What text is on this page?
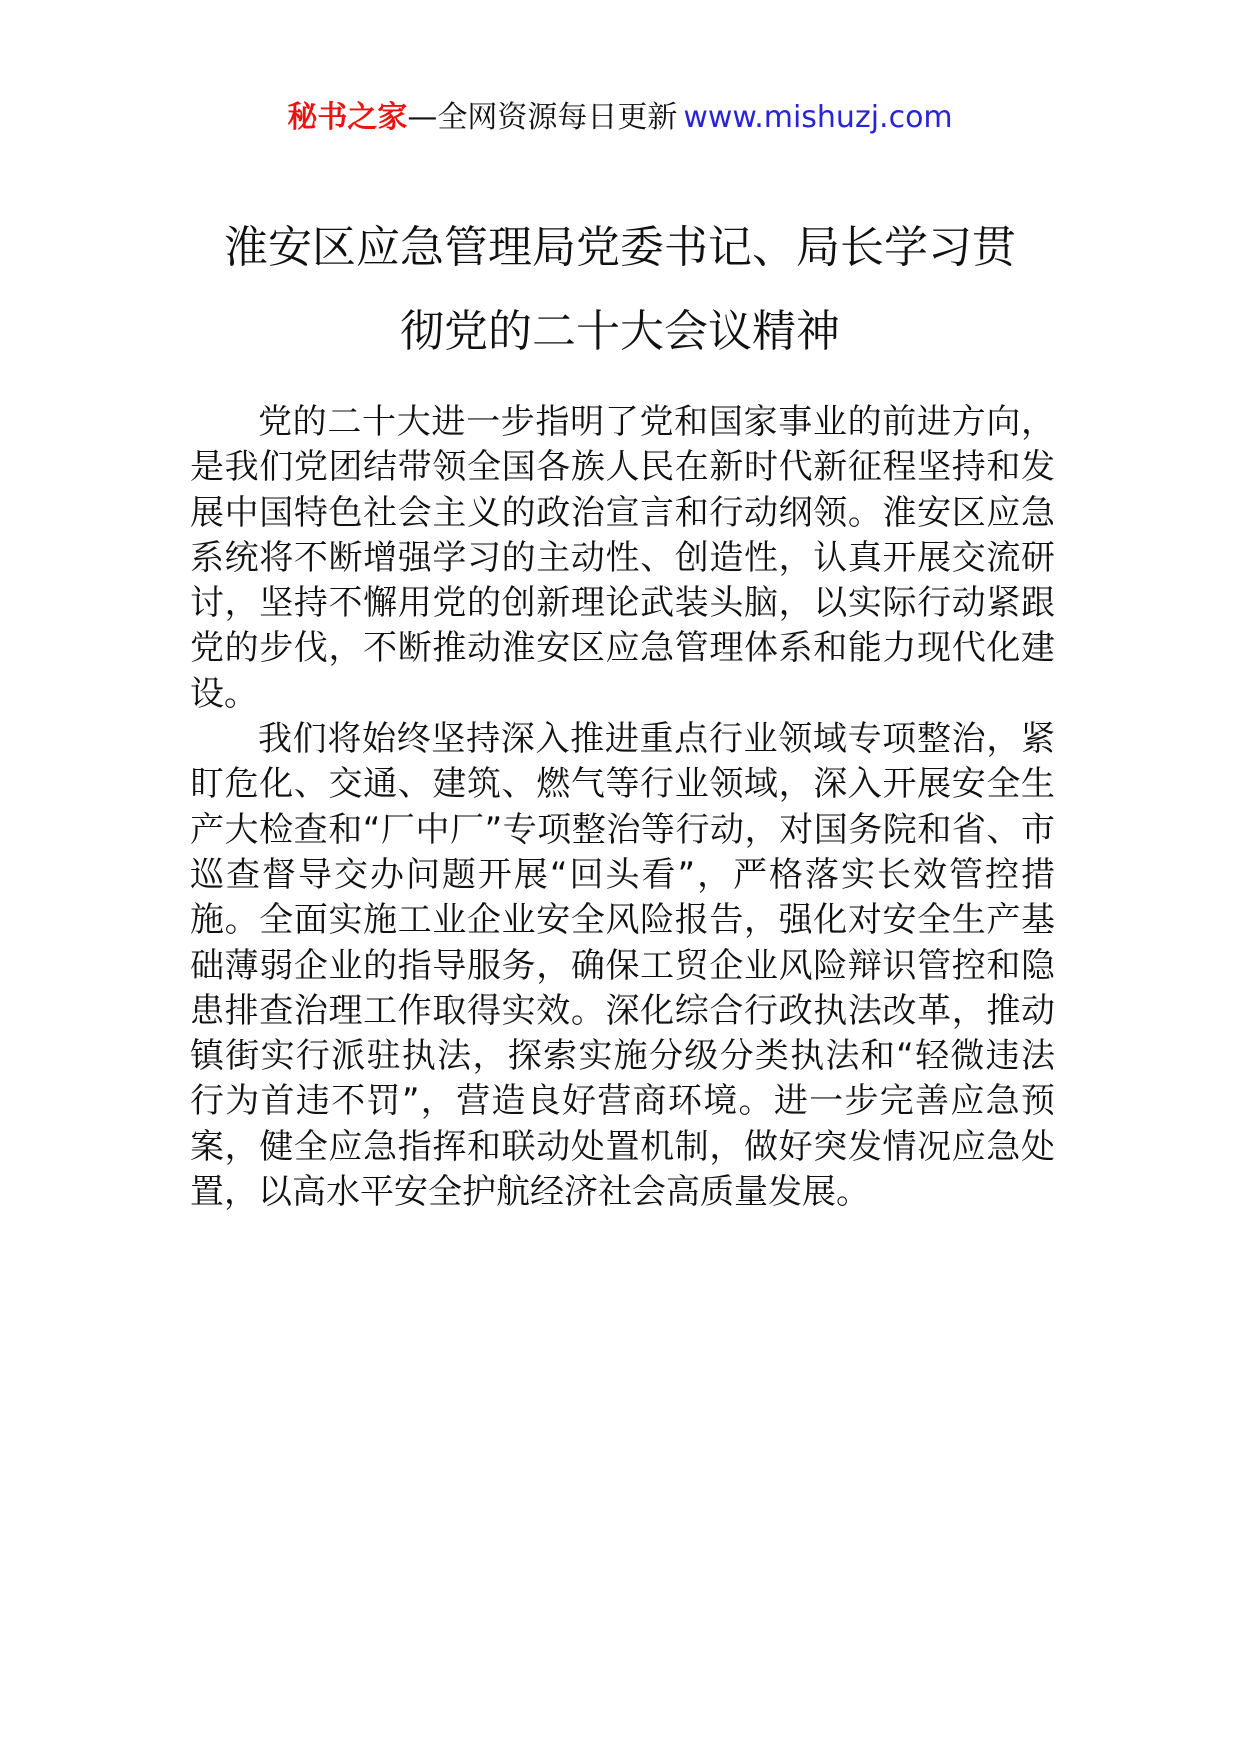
秘书之家—全网资源每日更新 www.mishuzj.com
淮安区应急管理局党委书记、局长学习贯
彻党的二十大会议精神

党的二十大进一步指明了党和国家事业的前进方向，是我们党团结带领全国各族人民在新时代新征程坚持和发展中国特色社会主义的政治宣言和行动纲领。淮安区应急系统将不断增强学习的主动性、创造性，认真开展交流研讨，坚持不懈用党的创新理论武装头脑，以实际行动紧跟党的步伐，不断推动淮安区应急管理体系和能力现代化建设。

我们将始终坚持深入推进重点行业领域专项整治，紧盯危化、交通、建筑、燃气等行业领域，深入开展安全生产大检查和“厂中厂”专项整治等行动，对国务院和省、市巡查督导交办问题开展“回头看”，严格落实长效管控措施。全面实施工业企业安全风险报告，强化对安全生产基础薄弱企业的指导服务，确保工贸企业风险辩识管控和隐患排查治理工作取得实效。深化综合行政执法改革，推动镇街实行派驻执法，探索实施分级分类执法和“轻微违法行为首违不罚”，营造良好营商环境。进一步完善应急预案，健全应急指挥和联动处置机制，做好突发情况应急处置，以高水平安全护航经济社会高质量发展。
